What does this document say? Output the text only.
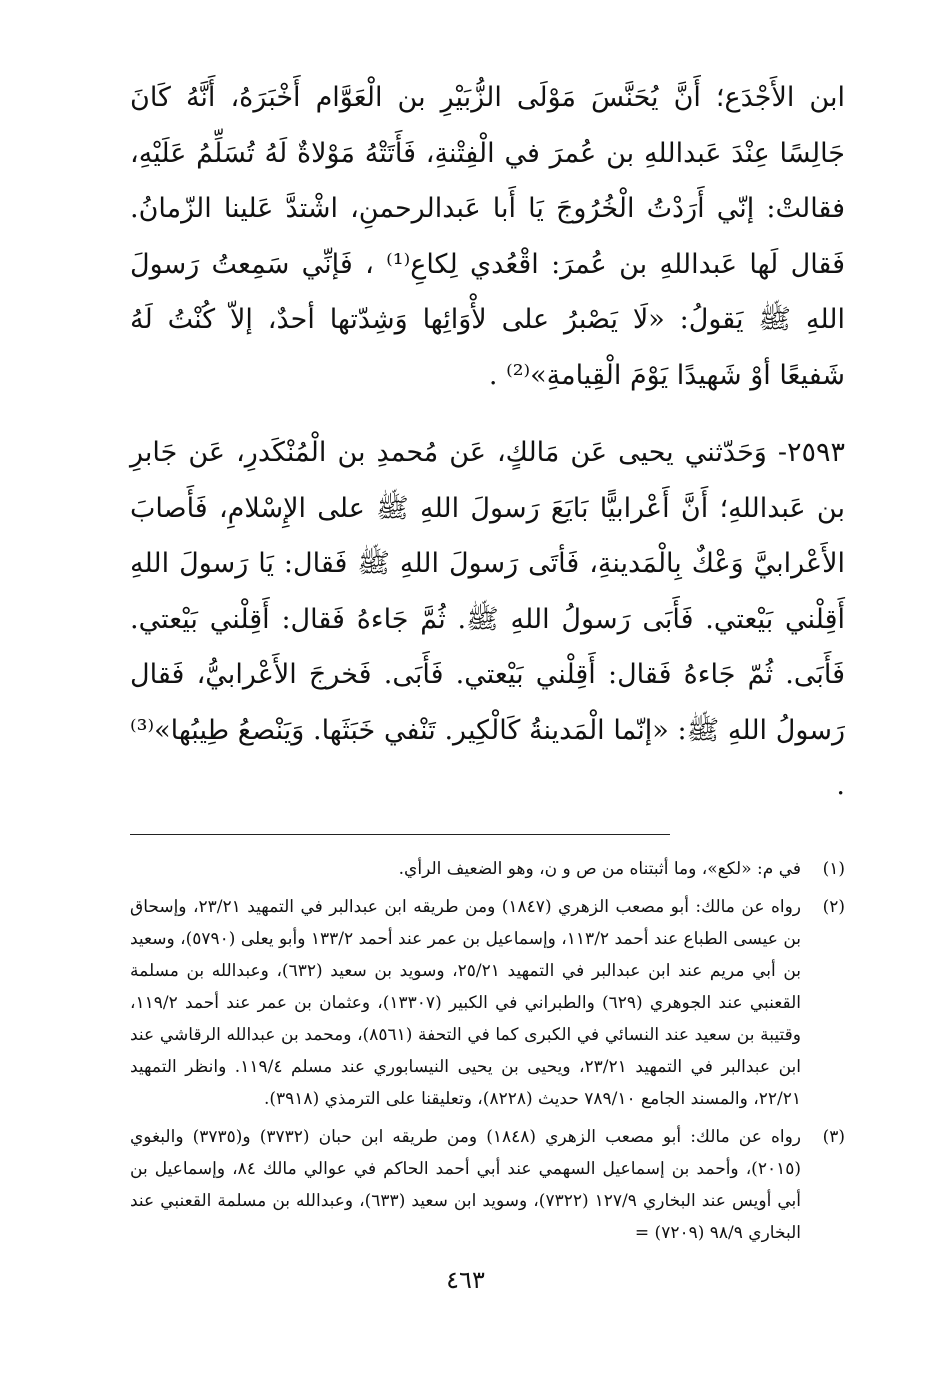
ابن الأَجْدَع؛ أَنَّ يُحَنَّسَ مَوْلَى الزُّبَيْرِ بن الْعَوَّام أَخْبَرَهُ، أَنَّهُ كَانَ جَالِسًا عِنْدَ عَبداللهِ بن عُمرَ في الْفِتْنةِ، فَأَتَتْهُ مَوْلاةٌ لَهُ تُسَلِّمُ عَلَيْهِ، فقالتْ: إنّي أَرَدْتُ الْخُرُوجَ يَا أَبا عَبدالرحمنِ، اشْتدَّ عَلينا الزّمانُ. فَقال لَها عَبداللهِ بن عُمرَ: اقْعُدي لِكاعِ⁽¹⁾ ، فَإنِّي سَمِعتُ رَسولَ اللهِ ﷺ يَقولُ: «لَا يَصْبرُ على لأْوَائِها وَشِدّتها أحدٌ، إلاّ كُنْتُ لَهُ شَفيعًا أوْ شَهيدًا يَوْمَ الْقِيامةِ»⁽²⁾ .

٢٥٩٣- وَحَدّثني يحيى عَن مَالكٍ، عَن مُحمدِ بن الْمُنْكَدرِ، عَن جَابرِ بن عَبداللهِ؛ أَنَّ أَعْرابيًّا بَايَعَ رَسولَ اللهِ ﷺ على الإِسْلامِ، فَأَصابَ الأَعْرابيَّ وَعْكٌ بِالْمَدينةِ، فَأتَى رَسولَ اللهِ ﷺ فَقال: يَا رَسولَ اللهِ أَقِلْني بَيْعتي. فَأَبَى رَسولُ اللهِ ﷺ. ثُمَّ جَاءهُ فَقال: أَقِلْني بَيْعتي. فَأَبَى. ثُمّ جَاءهُ فَقال: أَقِلْني بَيْعتي. فَأَبَى. فَخرجَ الأَعْرابيُّ، فَقال رَسولُ اللهِ ﷺ: «إنّما الْمَدينةُ كَالْكِير. تَنْفي خَبَثَها. وَيَنْصعُ طِيبُها»⁽³⁾ .

(١)
في م: «لكع»، وما أثبتناه من ص و ن، وهو الضعيف الرأي.
(٢)
رواه عن مالك: أبو مصعب الزهري (١٨٤٧) ومن طريقه ابن عبدالبر في التمهيد ٢٣/٢١، وإسحاق بن عيسى الطباع عند أحمد ١١٣/٢، وإسماعيل بن عمر عند أحمد ١٣٣/٢ وأبو يعلى (٥٧٩٠)، وسعيد بن أبي مريم عند ابن عبدالبر في التمهيد ٢٥/٢١، وسويد بن سعيد (٦٣٢)، وعبدالله بن مسلمة القعنبي عند الجوهري (٦٢٩) والطبراني في الكبير (١٣٣٠٧)، وعثمان بن عمر عند أحمد ١١٩/٢، وقتيبة بن سعيد عند النسائي في الكبرى كما في التحفة (٨٥٦١)، ومحمد بن عبدالله الرقاشي عند ابن عبدالبر في التمهيد ٢٣/٢١، ويحيى بن يحيى النيسابوري عند مسلم ١١٩/٤. وانظر التمهيد ٢٢/٢١، والمسند الجامع ٧٨٩/١٠ حديث (٨٢٢٨)، وتعليقنا على الترمذي (٣٩١٨).
(٣)
رواه عن مالك: أبو مصعب الزهري (١٨٤٨) ومن طريقه ابن حبان (٣٧٣٢) و(٣٧٣٥) والبغوي (٢٠١٥)، وأحمد بن إسماعيل السهمي عند أبي أحمد الحاكم في عوالي مالك ٨٤، وإسماعيل بن أبي أويس عند البخاري ١٢٧/٩ (٧٣٢٢)، وسويد ابن سعيد (٦٣٣)، وعبدالله بن مسلمة القعنبي عند البخاري ٩٨/٩ (٧٢٠٩) =
٤٦٣
